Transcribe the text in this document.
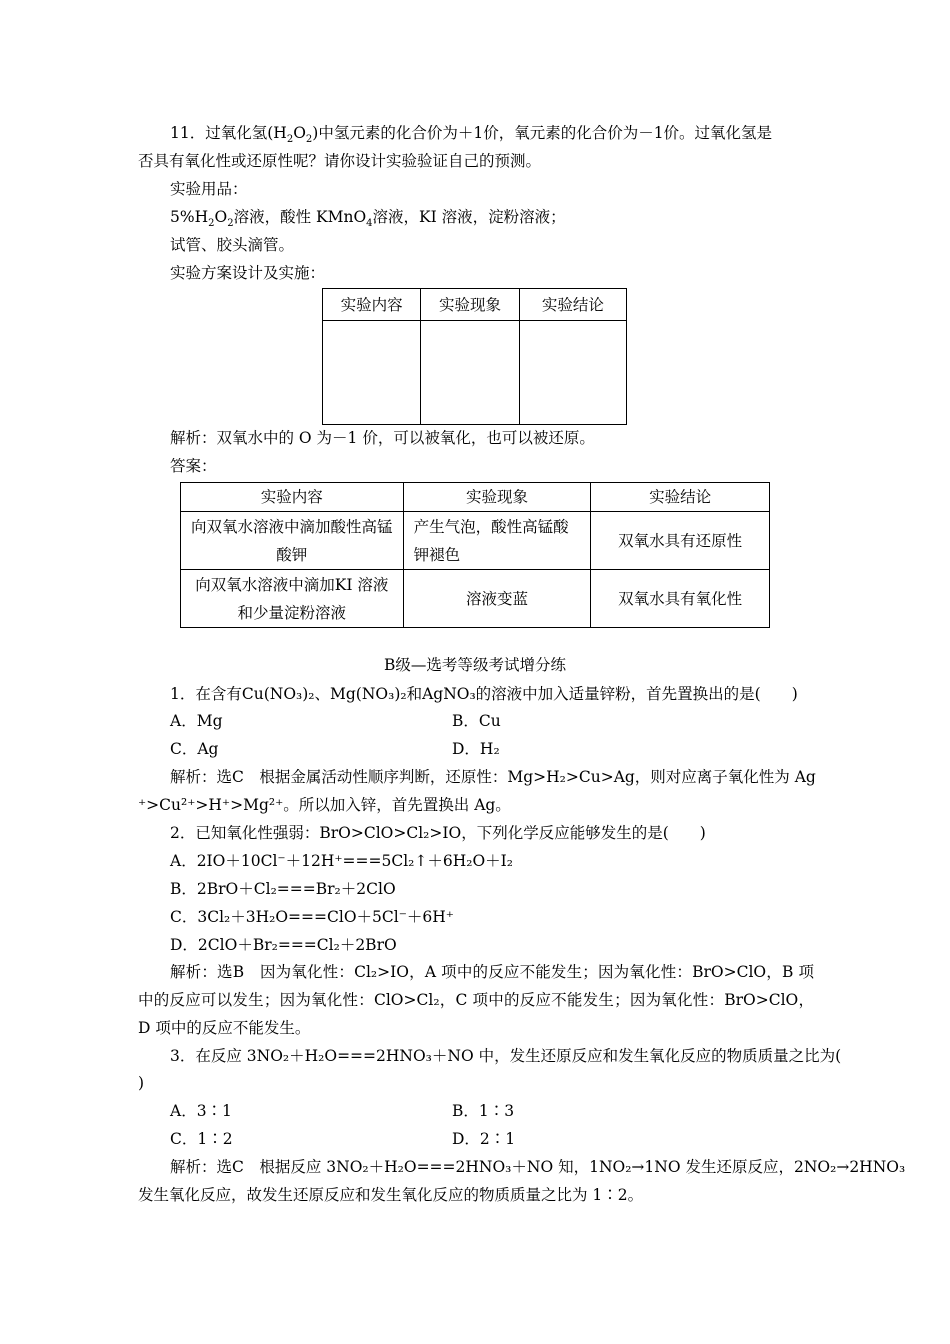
11．过氧化氢$(H_2O_2)$中氢元素的化合价为＋1价，氧元素的化合价为－1价。过氧化氢是
否具有氧化性或还原性呢？请你设计实验验证自己的预测。
实验用品：
$5\%H_2O_2$溶液，酸性 KMnO$_4$溶液，KI 溶液，淀粉溶液；
试管、胶头滴管。
实验方案设计及实施：
实验内容	实验现象	实验结论

解析：双氧水中的 O 为－1 价，可以被氧化，也可以被还原。
答案：
实验内容	实验现象	实验结论
向双氧水溶液中滴加酸性高锰酸钾	产生气泡，酸性高锰酸钾褪色	双氧水具有还原性
向双氧水溶液中滴加KI 溶液和少量淀粉溶液	溶液变蓝	双氧水具有氧化性
B级—选考等级考试增分练
1．在含有Cu(NO₃)₂、Mg(NO₃)₂和AgNO₃的溶液中加入适量锌粉，首先置换出的是(　　)
A．Mg	B．Cu
C．Ag	D．H₂
解析：选C　根据金属活动性顺序判断，还原性：Mg>H₂>Cu>Ag，则对应离子氧化性为 Ag
⁺>Cu²⁺>H⁺>Mg²⁺。所以加入锌，首先置换出 Ag。
2．已知氧化性强弱：BrO>ClO>Cl₂>IO，下列化学反应能够发生的是(　　)
A．2IO＋10Cl⁻＋12H⁺===5Cl₂↑＋6H₂O＋I₂
B．2BrO＋Cl₂===Br₂＋2ClO
C．3Cl₂＋3H₂O===ClO＋5Cl⁻＋6H⁺
D．2ClO＋Br₂===Cl₂＋2BrO
解析：选B　因为氧化性：Cl₂>IO，A 项中的反应不能发生；因为氧化性：BrO>ClO，B 项中的反应可以发生；因为氧化性：ClO>Cl₂，C 项中的反应不能发生；因为氧化性：BrO>ClO，D 项中的反应不能发生。
3．在反应 3NO₂＋H₂O===2HNO₃＋NO 中，发生还原反应和发生氧化反应的物质质量之比为(
)
A．3∶1	B．1∶3
C．1∶2	D．2∶1
解析：选C　根据反应 3NO₂＋H₂O===2HNO₃＋NO 知，1NO₂→1NO 发生还原反应，2NO₂→2HNO₃
发生氧化反应，故发生还原反应和发生氧化反应的物质质量之比为 1∶2。
